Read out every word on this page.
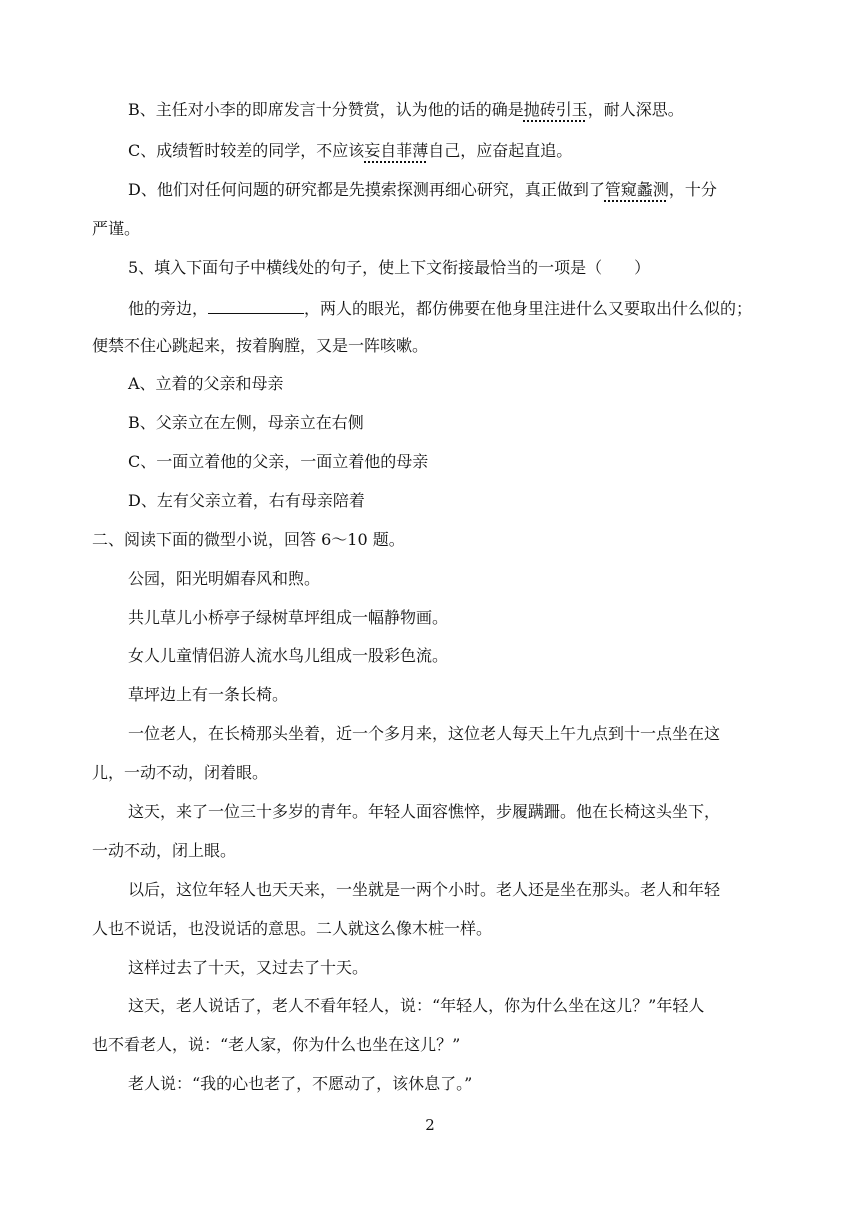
B、主任对小李的即席发言十分赞赏，认为他的话的确是抛砖引玉，耐人深思。
C、成绩暂时较差的同学，不应该妄自菲薄自己，应奋起直追。
D、他们对任何问题的研究都是先摸索探测再细心研究，真正做到了管窥蠡测，十分
严谨。
5、填入下面句子中横线处的句子，使上下文衔接最恰当的一项是（　　）
他的旁边，	，两人的眼光，都仿佛要在他身里注进什么又要取出什么似的；
便禁不住心跳起来，按着胸膛，又是一阵咳嗽。
A、立着的父亲和母亲
B、父亲立在左侧，母亲立在右侧
C、一面立着他的父亲，一面立着他的母亲
D、左有父亲立着，右有母亲陪着
二、阅读下面的微型小说，回答 6～10 题。
公园，阳光明媚春风和煦。
共儿草儿小桥亭子绿树草坪组成一幅静物画。
女人儿童情侣游人流水鸟儿组成一股彩色流。
草坪边上有一条长椅。
一位老人，在长椅那头坐着，近一个多月来，这位老人每天上午九点到十一点坐在这
儿，一动不动，闭着眼。
这天，来了一位三十多岁的青年。年轻人面容憔悴，步履蹒跚。他在长椅这头坐下，
一动不动，闭上眼。
以后，这位年轻人也天天来，一坐就是一两个小时。老人还是坐在那头。老人和年轻
人也不说话，也没说话的意思。二人就这么像木桩一样。
这样过去了十天，又过去了十天。
这天，老人说话了，老人不看年轻人，说：“年轻人，你为什么坐在这儿？”年轻人
也不看老人，说：“老人家，你为什么也坐在这儿？”
老人说：“我的心也老了，不愿动了，该休息了。”
2
